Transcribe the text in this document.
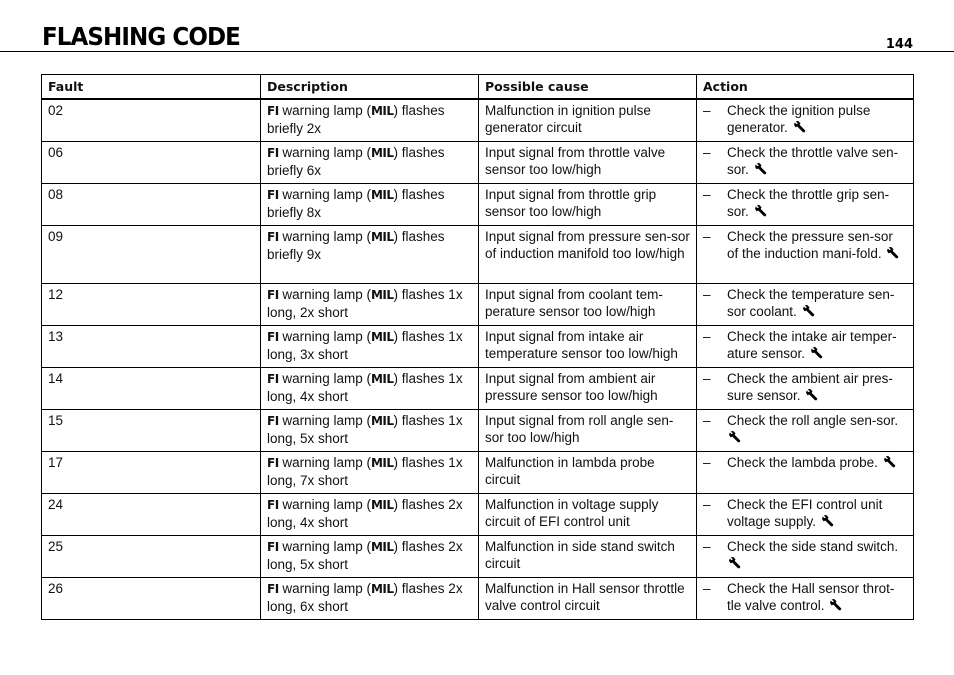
FLASHING CODE	144
Fault	Description	Possible cause	Action
02	FI warning lamp (MIL) flashes briefly 2x	Malfunction in ignition pulse generator circuit	– Check the ignition pulse generator.
06	FI warning lamp (MIL) flashes briefly 6x	Input signal from throttle valve sensor too low/high	– Check the throttle valve sen-sor.
08	FI warning lamp (MIL) flashes briefly 8x	Input signal from throttle grip sensor too low/high	– Check the throttle grip sen-sor.
09	FI warning lamp (MIL) flashes briefly 9x	Input signal from pressure sen-sor of induction manifold too low/high	– Check the pressure sen-sor of the induction mani-fold.
12	FI warning lamp (MIL) flashes 1x long, 2x short	Input signal from coolant tem-perature sensor too low/high	– Check the temperature sen-sor coolant.
13	FI warning lamp (MIL) flashes 1x long, 3x short	Input signal from intake air temperature sensor too low/high	– Check the intake air temper-ature sensor.
14	FI warning lamp (MIL) flashes 1x long, 4x short	Input signal from ambient air pressure sensor too low/high	– Check the ambient air pres-sure sensor.
15	FI warning lamp (MIL) flashes 1x long, 5x short	Input signal from roll angle sen-sor too low/high	– Check the roll angle sen-sor.
17	FI warning lamp (MIL) flashes 1x long, 7x short	Malfunction in lambda probe circuit	– Check the lambda probe.
24	FI warning lamp (MIL) flashes 2x long, 4x short	Malfunction in voltage supply circuit of EFI control unit	– Check the EFI control unit voltage supply.
25	FI warning lamp (MIL) flashes 2x long, 5x short	Malfunction in side stand switch circuit	– Check the side stand switch.
26	FI warning lamp (MIL) flashes 2x long, 6x short	Malfunction in Hall sensor throttle valve control circuit	– Check the Hall sensor throt-tle valve control.
